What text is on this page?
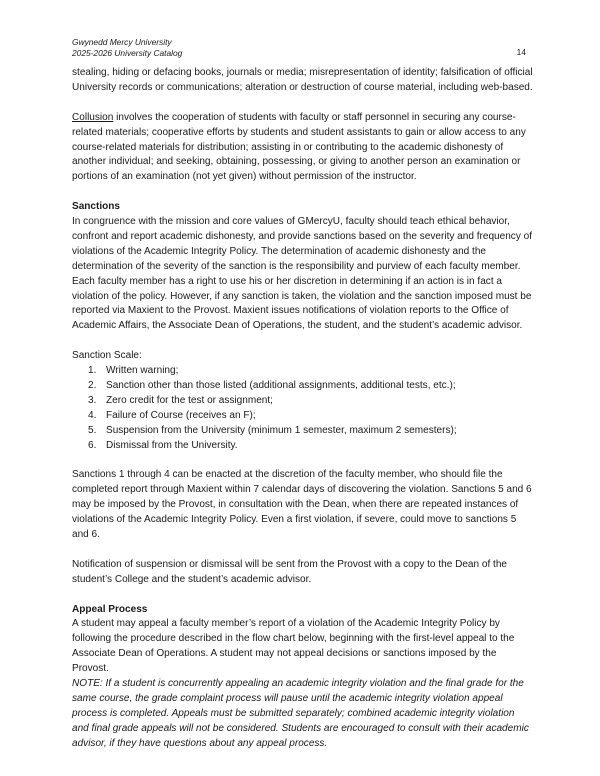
Gwynedd Mercy University
2025-2026 University Catalog	14

stealing, hiding or defacing books, journals or media; misrepresentation of identity; falsification of official University records or communications; alteration or destruction of course material, including web-based.

Collusion involves the cooperation of students with faculty or staff personnel in securing any course-related materials; cooperative efforts by students and student assistants to gain or allow access to any course-related materials for distribution; assisting in or contributing to the academic dishonesty of another individual; and seeking, obtaining, possessing, or giving to another person an examination or portions of an examination (not yet given) without permission of the instructor.

Sanctions

In congruence with the mission and core values of GMercyU, faculty should teach ethical behavior, confront and report academic dishonesty, and provide sanctions based on the severity and frequency of violations of the Academic Integrity Policy. The determination of academic dishonesty and the determination of the severity of the sanction is the responsibility and purview of each faculty member. Each faculty member has a right to use his or her discretion in determining if an action is in fact a violation of the policy. However, if any sanction is taken, the violation and the sanction imposed must be reported via Maxient to the Provost. Maxient issues notifications of violation reports to the Office of Academic Affairs, the Associate Dean of Operations, the student, and the student’s academic advisor.

Sanction Scale:

1. Written warning;
2. Sanction other than those listed (additional assignments, additional tests, etc.);
3. Zero credit for the test or assignment;
4. Failure of Course (receives an F);
5. Suspension from the University (minimum 1 semester, maximum 2 semesters);
6. Dismissal from the University.

Sanctions 1 through 4 can be enacted at the discretion of the faculty member, who should file the completed report through Maxient within 7 calendar days of discovering the violation. Sanctions 5 and 6 may be imposed by the Provost, in consultation with the Dean, when there are repeated instances of violations of the Academic Integrity Policy. Even a first violation, if severe, could move to sanctions 5 and 6.

Notification of suspension or dismissal will be sent from the Provost with a copy to the Dean of the student’s College and the student’s academic advisor.

Appeal Process

A student may appeal a faculty member’s report of a violation of the Academic Integrity Policy by following the procedure described in the flow chart below, beginning with the first-level appeal to the Associate Dean of Operations. A student may not appeal decisions or sanctions imposed by the Provost.

NOTE: If a student is concurrently appealing an academic integrity violation and the final grade for the same course, the grade complaint process will pause until the academic integrity violation appeal process is completed. Appeals must be submitted separately; combined academic integrity violation and final grade appeals will not be considered. Students are encouraged to consult with their academic advisor, if they have questions about any appeal process.
